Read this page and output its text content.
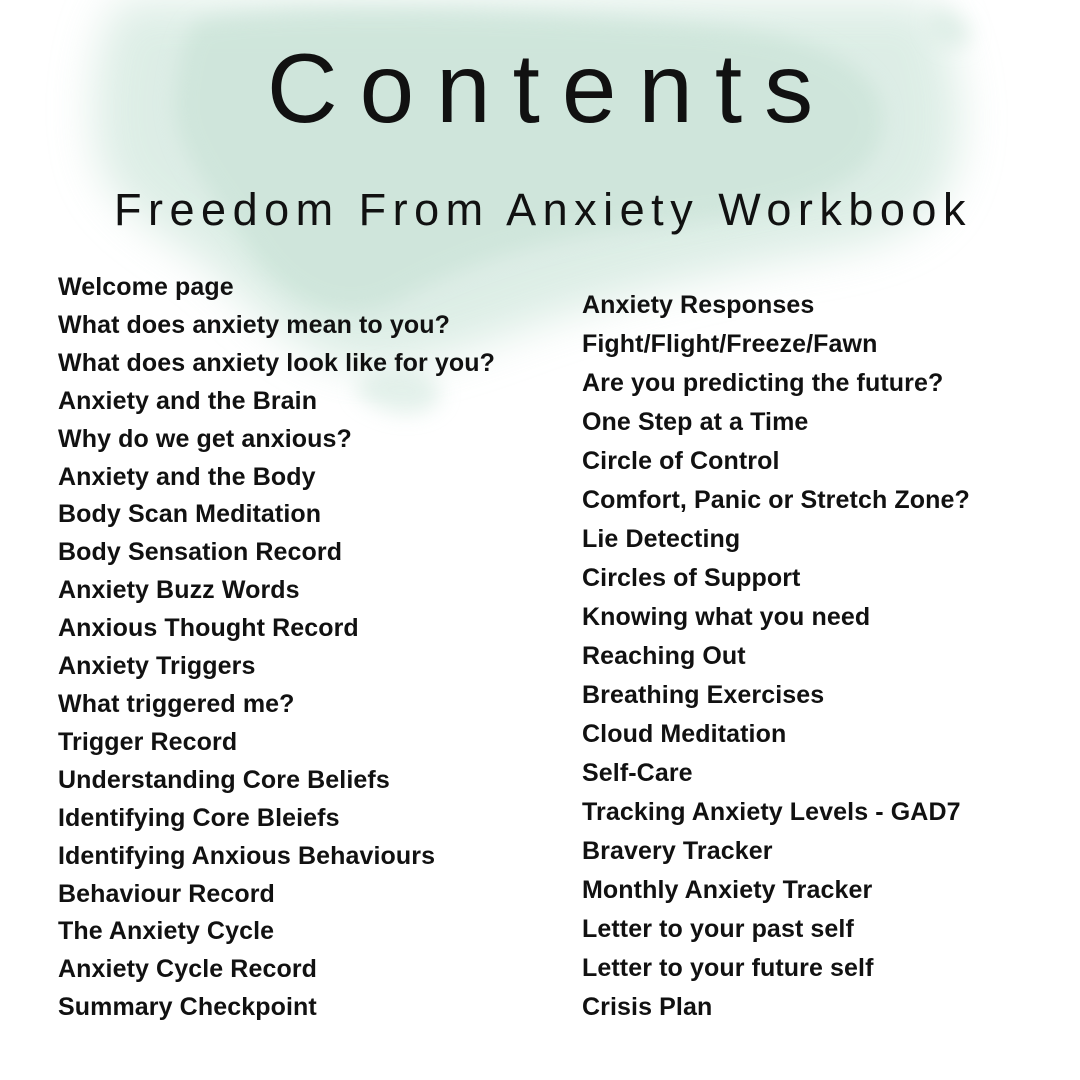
Contents
Freedom From Anxiety Workbook
Welcome page
What does anxiety mean to you?
What does anxiety look like for you?
Anxiety and the Brain
Why do we get anxious?
Anxiety and the Body
Body Scan Meditation
Body Sensation Record
Anxiety Buzz Words
Anxious Thought Record
Anxiety Triggers
What triggered me?
Trigger Record
Understanding Core Beliefs
Identifying Core Bleiefs
Identifying Anxious Behaviours
Behaviour Record
The Anxiety Cycle
Anxiety Cycle Record
Summary Checkpoint
Anxiety Responses
Fight/Flight/Freeze/Fawn
Are you predicting the future?
One Step at a Time
Circle of Control
Comfort, Panic or Stretch Zone?
Lie Detecting
Circles of Support
Knowing what you need
Reaching Out
Breathing Exercises
Cloud Meditation
Self-Care
Tracking Anxiety Levels - GAD7
Bravery Tracker
Monthly Anxiety Tracker
Letter to your past self
Letter to your future self
Crisis Plan
